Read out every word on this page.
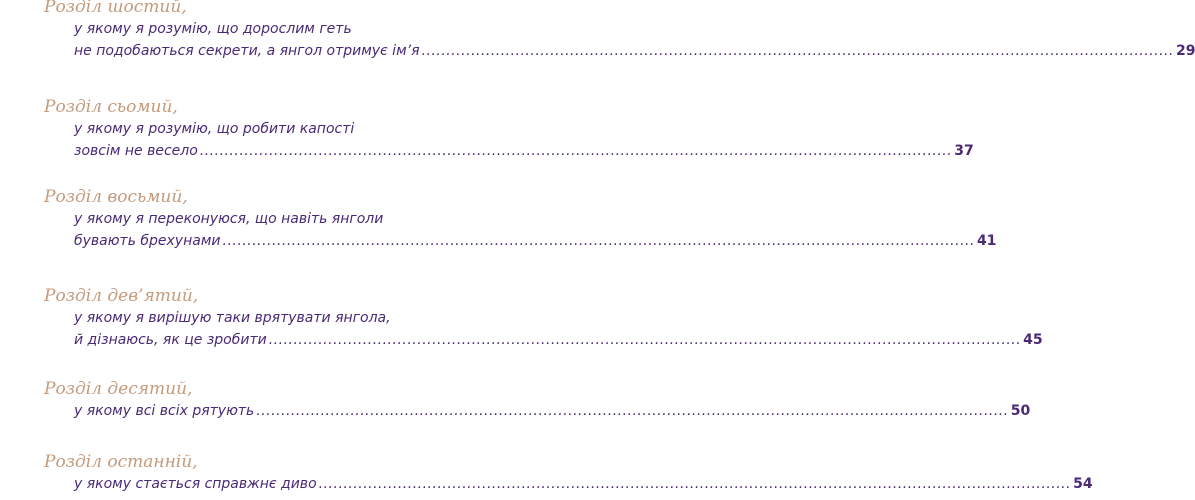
Розділ шостий,
у якому я розумію, що дорослим геть
не подобаються секрети, а янгол отримує ім’я ........................................................................................................................................................ 29
Розділ сьомий,
у якому я розумію, що робити капості
зовсім не весело ........................................................................................................................................................ 37
Розділ восьмий,
у якому я переконуюся, що навіть янголи
бувають брехунами ........................................................................................................................................................ 41
Розділ дев’ятий,
у якому я вирішую таки врятувати янгола,
й дізнаюсь, як це зробити ........................................................................................................................................................ 45
Розділ десятий,
у якому всі всіх рятують ........................................................................................................................................................ 50
Розділ останній,
у якому стається справжнє диво ........................................................................................................................................................ 54
